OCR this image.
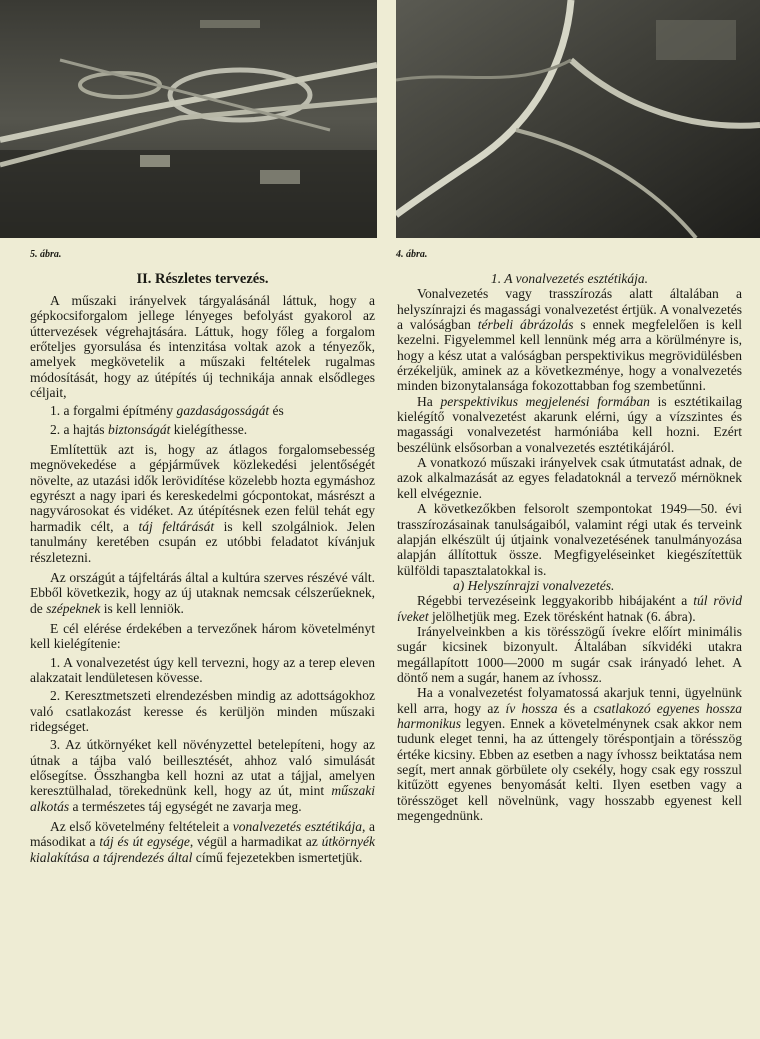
5. ábra.	4. ábra.
II. Részletes tervezés.

A műszaki irányelvek tárgyalásánál láttuk, hogy a gépkocsiforgalom jellege lényeges befolyást gyakorol az úttervezések végrehajtására. Láttuk, hogy főleg a forgalom erőteljes gyorsulása és intenzitása voltak azok a tényezők, amelyek megkövetelik a műszaki feltételek rugalmas módosítását, hogy az útépítés új technikája annak elsődleges céljait,

1. a forgalmi építmény gazdaságosságát és

2. a hajtás biztonságát kielégíthesse.

Említettük azt is, hogy az átlagos forgalomsebesség megnövekedése a gépjárművek közlekedési jelentőségét növelte, az utazási idők lerövidítése közelebb hozta egymáshoz egyrészt a nagy ipari és kereskedelmi gócpontokat, másrészt a nagyvárosokat és vidéket. Az útépítésnek ezen felül tehát egy harmadik célt, a táj feltárását is kell szolgálniok. Jelen tanulmány keretében csupán ez utóbbi feladatot kívánjuk részletezni.

Az országút a tájfeltárás által a kultúra szerves részévé vált. Ebből következik, hogy az új utaknak nemcsak célszerűeknek, de szépeknek is kell lenniök.

E cél elérése érdekében a tervezőnek három követelményt kell kielégítenie:

1. A vonalvezetést úgy kell tervezni, hogy az a terep eleven alakzatait lendületesen kövesse.

2. Keresztmetszeti elrendezésben mindig az adottságokhoz való csatlakozást keresse és kerüljön minden műszaki ridegséget.

3. Az útkörnyéket kell növényzettel betelepíteni, hogy az útnak a tájba való beillesztését, ahhoz való simulását elősegítse. Összhangba kell hozni az utat a tájjal, amelyen keresztülhalad, törekednünk kell, hogy az út, mint műszaki alkotás a természetes táj egységét ne zavarja meg.

Az első követelmény feltételeit a vonalvezetés esztétikája, a másodikat a táj és út egysége, végül a harmadikat az útkörnyék kialakítása a tájrendezés által című fejezetekben ismertetjük.

1. A vonalvezetés esztétikája.

Vonalvezetés vagy trasszírozás alatt általában a helyszínrajzi és magassági vonalvezetést értjük. A vonalvezetés a valóságban térbeli ábrázolás s ennek megfelelően is kell kezelni. Figyelemmel kell lennünk még arra a körülményre is, hogy a kész utat a valóságban perspektivikus megrövidülésben érzékeljük, aminek az a következménye, hogy a vonalvezetés minden bizonytalansága fokozottabban fog szembetűnni.

Ha perspektivikus megjelenési formában is esztétikailag kielégítő vonalvezetést akarunk elérni, úgy a vízszintes és magassági vonalvezetést harmóniába kell hozni. Ezért beszélünk elsősorban a vonalvezetés esztétikájáról.

A vonatkozó műszaki irányelvek csak útmutatást adnak, de azok alkalmazását az egyes feladatoknál a tervező mérnöknek kell elvégeznie.

A következőkben felsorolt szempontokat 1949—50. évi trasszírozásainak tanulságaiból, valamint régi utak és terveink alapján elkészült új útjaink vonalvezetésének tanulmányozása alapján állítottuk össze. Megfigyeléseinket kiegészítettük külföldi tapasztalatokkal is.

a) Helyszínrajzi vonalvezetés.

Régebbi tervezéseink leggyakoribb hibájaként a túl rövid íveket jelölhetjük meg. Ezek törésként hatnak (6. ábra).

Irányelveinkben a kis törésszögű ívekre előírt minimális sugár kicsinek bizonyult. Általában síkvidéki utakra megállapított 1000—2000 m sugár csak irányadó lehet. A döntő nem a sugár, hanem az ívhossz.

Ha a vonalvezetést folyamatossá akarjuk tenni, ügyelnünk kell arra, hogy az ív hossza és a csatlakozó egyenes hossza harmonikus legyen. Ennek a követelménynek csak akkor nem tudunk eleget tenni, ha az úttengely töréspontjain a törésszög értéke kicsiny. Ebben az esetben a nagy ívhossz beiktatása nem segít, mert annak görbülete oly csekély, hogy csak egy rosszul kitűzött egyenes benyomását kelti. Ilyen esetben vagy a törésszöget kell növelnünk, vagy hosszabb egyenest kell megengednünk.
